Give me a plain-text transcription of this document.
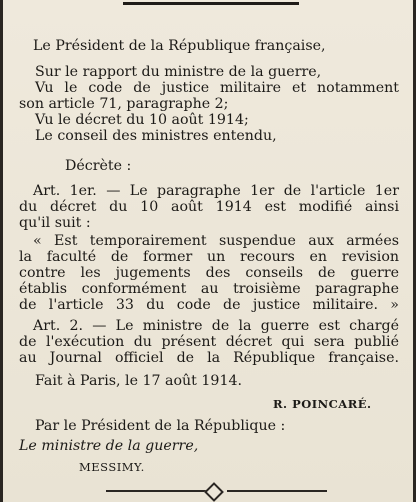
Le Président de la République française,
Sur le rapport du ministre de la guerre,
Vu le code de justice militaire et notamment
son article 71, paragraphe 2;
Vu le décret du 10 août 1914;
Le conseil des ministres entendu,
Décrète :
Art. 1er. — Le paragraphe 1er de l'article 1er
du décret du 10 août 1914 est modifié ainsi
qu'il suit :
« Est temporairement suspendue aux armées
la faculté de former un recours en revision
contre les jugements des conseils de guerre
établis conformément au troisième paragraphe
de l'article 33 du code de justice militaire. »
Art. 2. — Le ministre de la guerre est chargé
de l'exécution du présent décret qui sera publié
au Journal officiel de la République française.
Fait à Paris, le 17 août 1914.
R. POINCARÉ.
Par le Président de la République :
Le ministre de la guerre,
MESSIMY.
